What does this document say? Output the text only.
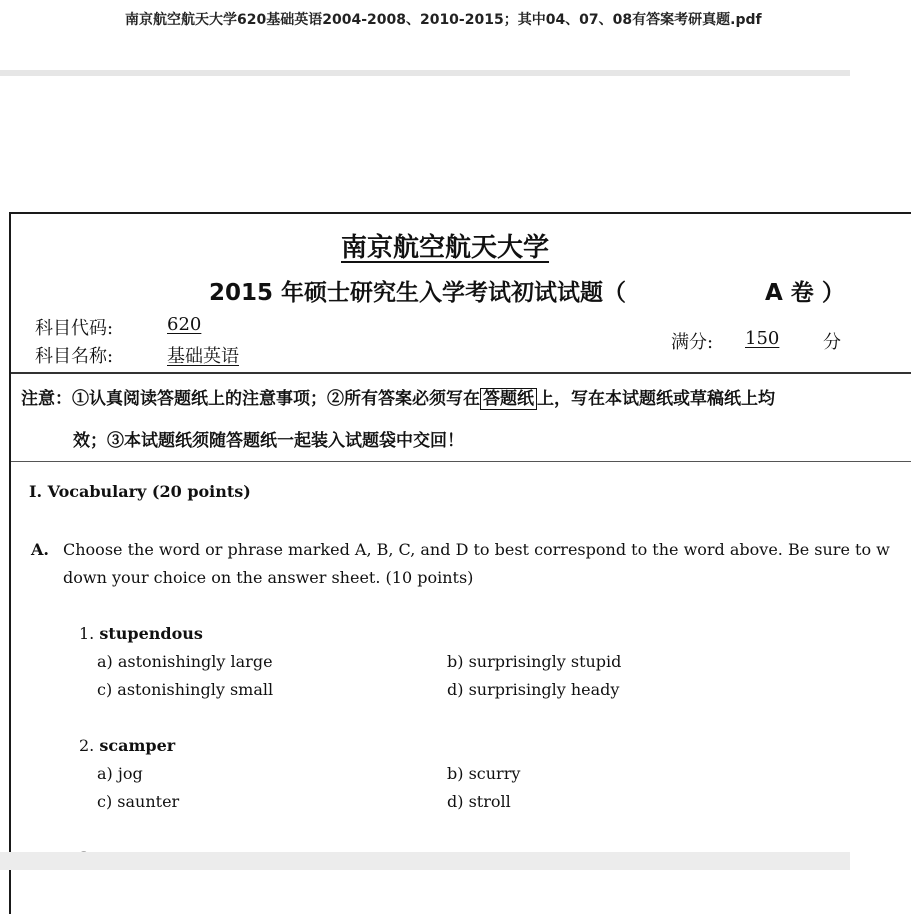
南京航空航天大学620基础英语2004-2008、2010-2015；其中04、07、08有答案考研真题.pdf
南京航空航天大学
2015 年硕士研究生入学考试初试试题（	A 卷 ）
科目代码:	620
科目名称:	基础英语
满分: 150 分
注意：①认真阅读答题纸上的注意事项；②所有答案必须写在 答题纸 上，写在本试题纸或草稿纸上均
效；③本试题纸须随答题纸一起装入试题袋中交回！
I. Vocabulary (20 points)
A. Choose the word or phrase marked A, B, C, and D to best correspond to the word above. Be sure to w
down your choice on the answer sheet. (10 points)
1. stupendous
a) astonishingly large	b) surprisingly stupid
c) astonishingly small	d) surprisingly heady
2. scamper
a) jog	b) scurry
c) saunter	d) stroll
